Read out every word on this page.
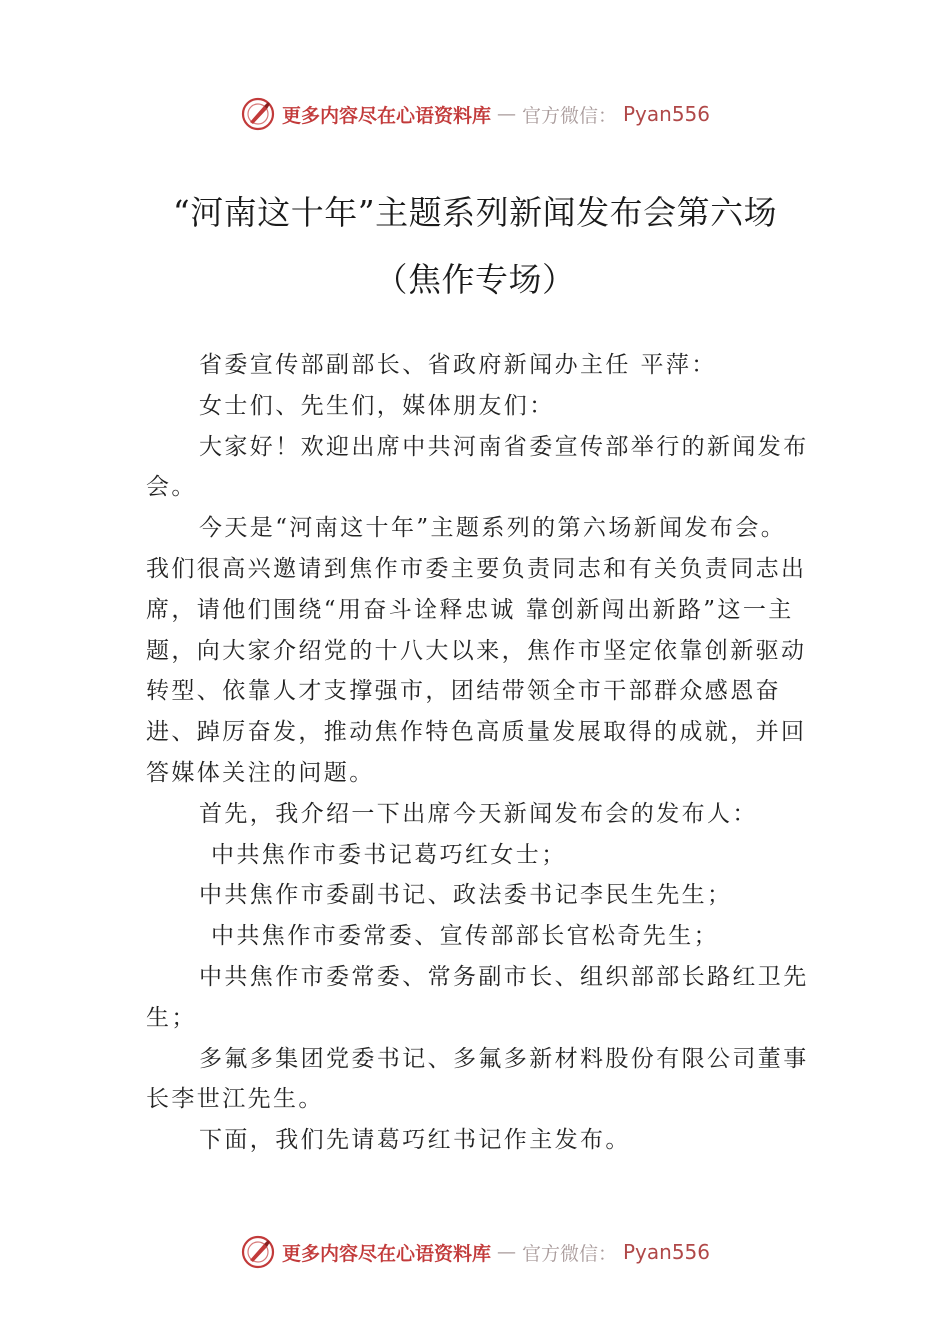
更多内容尽在心语资料库 — 官方微信： Pyan556
“河南这十年”主题系列新闻发布会第六场
（焦作专场）

省委宣传部副部长、省政府新闻办主任 平萍：

女士们、先生们，媒体朋友们：

大家好！欢迎出席中共河南省委宣传部举行的新闻发布会。

今天是“河南这十年”主题系列的第六场新闻发布会。我们很高兴邀请到焦作市委主要负责同志和有关负责同志出席，请他们围绕“用奋斗诠释忠诚 靠创新闯出新路”这一主题，向大家介绍党的十八大以来，焦作市坚定依靠创新驱动转型、依靠人才支撑强市，团结带领全市干部群众感恩奋进、踔厉奋发，推动焦作特色高质量发展取得的成就，并回答媒体关注的问题。

首先，我介绍一下出席今天新闻发布会的发布人：

中共焦作市委书记葛巧红女士；

中共焦作市委副书记、政法委书记李民生先生；

中共焦作市委常委、宣传部部长官松奇先生；

中共焦作市委常委、常务副市长、组织部部长路红卫先生；

多氟多集团党委书记、多氟多新材料股份有限公司董事长李世江先生。

下面，我们先请葛巧红书记作主发布。

更多内容尽在心语资料库 — 官方微信： Pyan556
